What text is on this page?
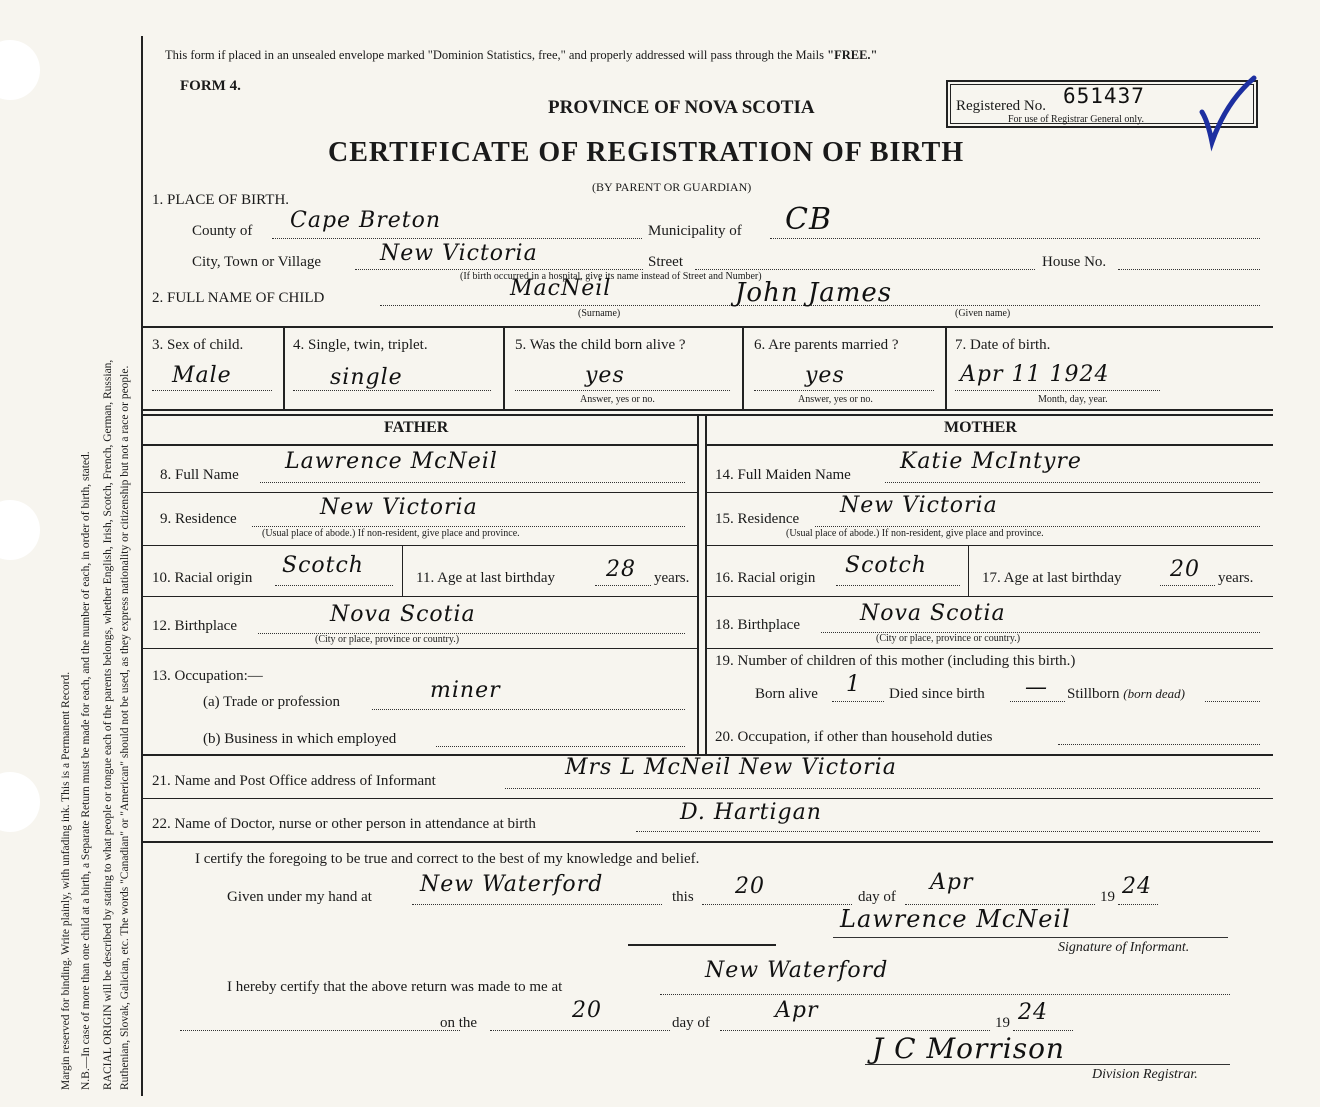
Margin reserved for binding. Write plainly, with unfading ink. This is a Permanent Record. N.B.—In case of more than one child at a birth, a Separate Return must be made for each, and the number of each, in order of birth, stated. RACIAL ORIGIN will be described by stating to what people or tongue each of the parents belongs, whether English, Irish, Scotch, French, German, Russian, Ruthenian, Slovak, Galician, etc. The words "Canadian" or "American" should not be used, as they express nationality or citizenship but not a race or people.
This form if placed in an unsealed envelope marked "Dominion Statistics, free," and properly addressed will pass through the Mails "FREE."
FORM 4.
PROVINCE OF NOVA SCOTIA
CERTIFICATE OF REGISTRATION OF BIRTH
(BY PARENT OR GUARDIAN)
Registered No. 651437
For use of Registrar General only.
1. PLACE OF BIRTH.
County of Cape Breton	Municipality of CB
City, Town or Village	New Victoria	Street	House No.
(If birth occurred in a hospital, give its name instead of Street and Number)
2. FULL NAME OF CHILD	MacNeil
(Surname)
John James
(Given name)
3. Sex of child.
Male
4. Single, twin, triplet.
single
5. Was the child born alive ?
yes
Answer, yes or no.
6. Are parents married ?
yes
Answer, yes or no.
7. Date of birth.
Apr 11 1924
Month, day, year.
FATHER	MOTHER
8. Full Name
Lawrence McNeil
9. Residence	New Victoria
(Usual place of abode.) If non-resident, give place and province.
10. Racial origin Scotch	11. Age at last birthday 28 years.
12. Birthplace	Nova Scotia
(City or place, province or country.)
13. Occupation:—
(a) Trade or profession	miner
(b) Business in which employed
14. Full Maiden Name
Katie McIntyre
15. Residence
New Victoria
(Usual place of abode.) If non-resident, give place and province.
16. Racial origin Scotch	17. Age at last birthday 20 years.
18. Birthplace	Nova Scotia
(City or place, province or country.)
19. Number of children of this mother (including this birth.)
Born alive 1 Died since birth — Stillborn (born dead)
20. Occupation, if other than household duties
21. Name and Post Office address of Informant
Mrs L McNeil New Victoria
22. Name of Doctor, nurse or other person in attendance at birth	D. Hartigan
I certify the foregoing to be true and correct to the best of my knowledge and belief.
Given under my hand at New Waterford	this 20	day of
Apr
19 24
Lawrence McNeil
Signature of Informant.
I hereby certify that the above return was made to me at
New Waterford
on the	20	day of	Apr	19 24
J C Morrison
Division Registrar.
